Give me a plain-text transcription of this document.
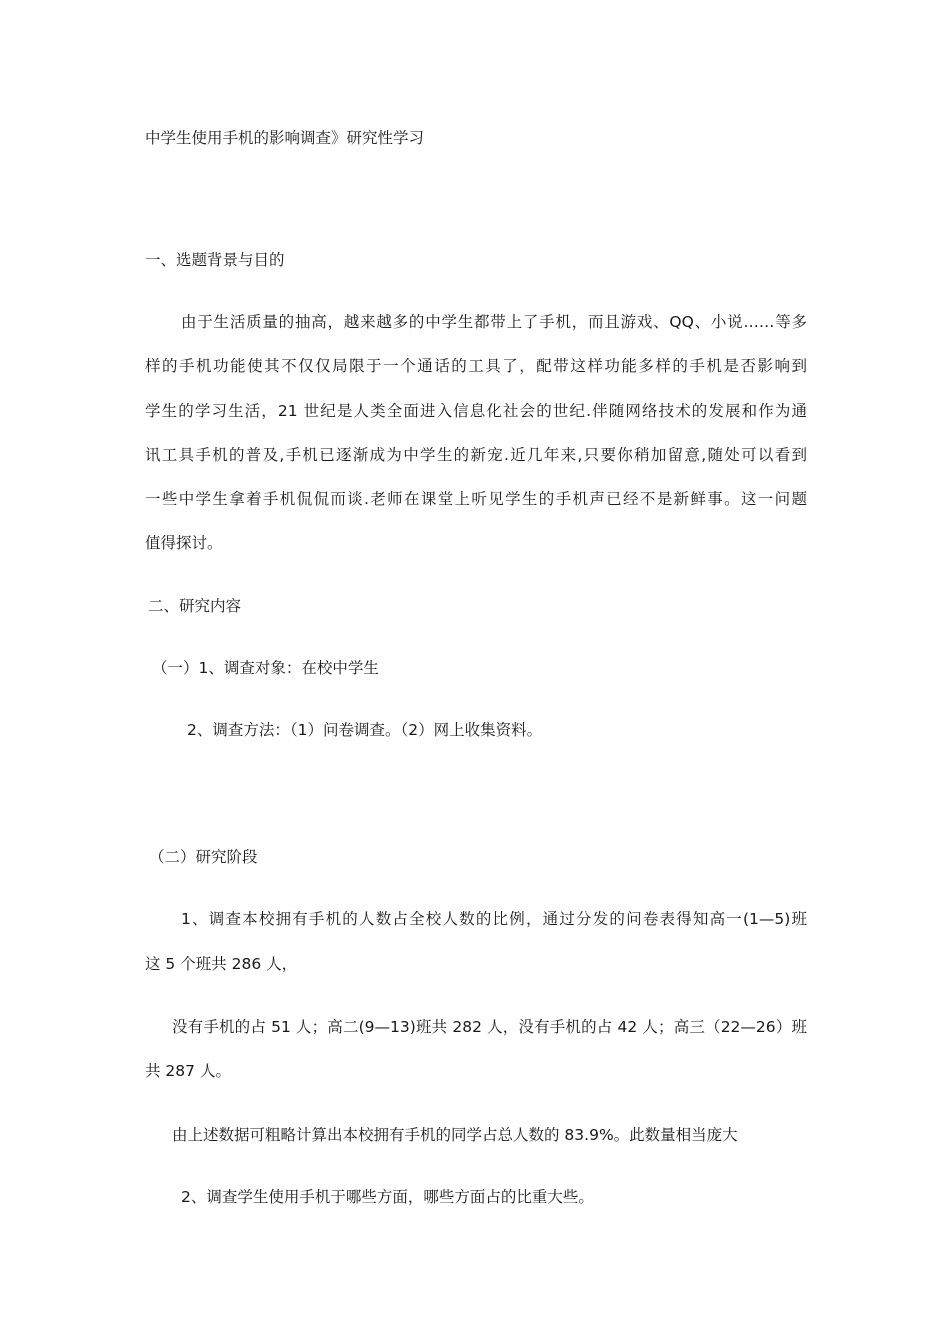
中学生使用手机的影响调查》研究性学习
一、选题背景与目的
由于生活质量的抽高，越来越多的中学生都带上了手机，而且游戏、QQ、小说……等多
样的手机功能使其不仅仅局限于一个通话的工具了，配带这样功能多样的手机是否影响到
学生的学习生活，21 世纪是人类全面进入信息化社会的世纪.伴随网络技术的发展和作为通
讯工具手机的普及,手机已逐渐成为中学生的新宠.近几年来,只要你稍加留意,随处可以看到
一些中学生拿着手机侃侃而谈.老师在课堂上听见学生的手机声已经不是新鲜事。这一问题
值得探讨。
二、研究内容
（一）1、调查对象：在校中学生
2、调查方法：（1）问卷调查。（2）网上收集资料。
（二）研究阶段
1、调查本校拥有手机的人数占全校人数的比例，通过分发的问卷表得知高一(1—5)班
这 5 个班共 286 人，
没有手机的占 51 人；高二(9—13)班共 282 人，没有手机的占 42 人；高三（22—26）班
共 287 人。
由上述数据可粗略计算出本校拥有手机的同学占总人数的 83.9%。此数量相当庞大
2、调查学生使用手机于哪些方面，哪些方面占的比重大些。
